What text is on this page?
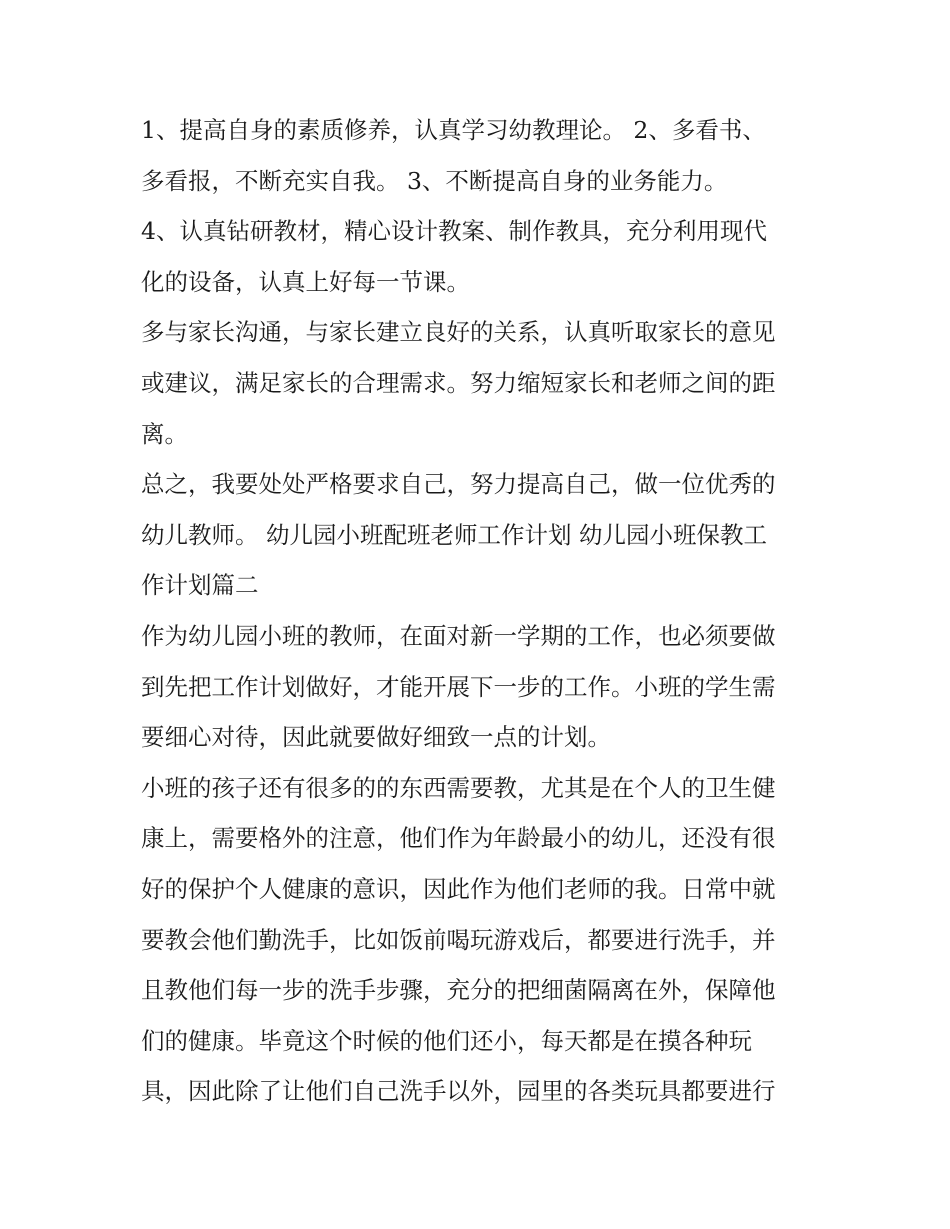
1、提高自身的素质修养，认真学习幼教理论。 2、多看书、
多看报，不断充实自我。 3、不断提高自身的业务能力。
4、认真钻研教材，精心设计教案、制作教具，充分利用现代
化的设备，认真上好每一节课。
多与家长沟通，与家长建立良好的关系，认真听取家长的意见
或建议，满足家长的合理需求。努力缩短家长和老师之间的距
离。
总之，我要处处严格要求自己，努力提高自己，做一位优秀的
幼儿教师。 幼儿园小班配班老师工作计划 幼儿园小班保教工
作计划篇二
作为幼儿园小班的教师，在面对新一学期的工作，也必须要做
到先把工作计划做好，才能开展下一步的工作。小班的学生需
要细心对待，因此就要做好细致一点的计划。
小班的孩子还有很多的的东西需要教，尤其是在个人的卫生健
康上，需要格外的注意，他们作为年龄最小的幼儿，还没有很
好的保护个人健康的意识，因此作为他们老师的我。日常中就
要教会他们勤洗手，比如饭前喝玩游戏后，都要进行洗手，并
且教他们每一步的洗手步骤，充分的把细菌隔离在外，保障他
们的健康。毕竟这个时候的他们还小，每天都是在摸各种玩
具，因此除了让他们自己洗手以外，园里的各类玩具都要进行
